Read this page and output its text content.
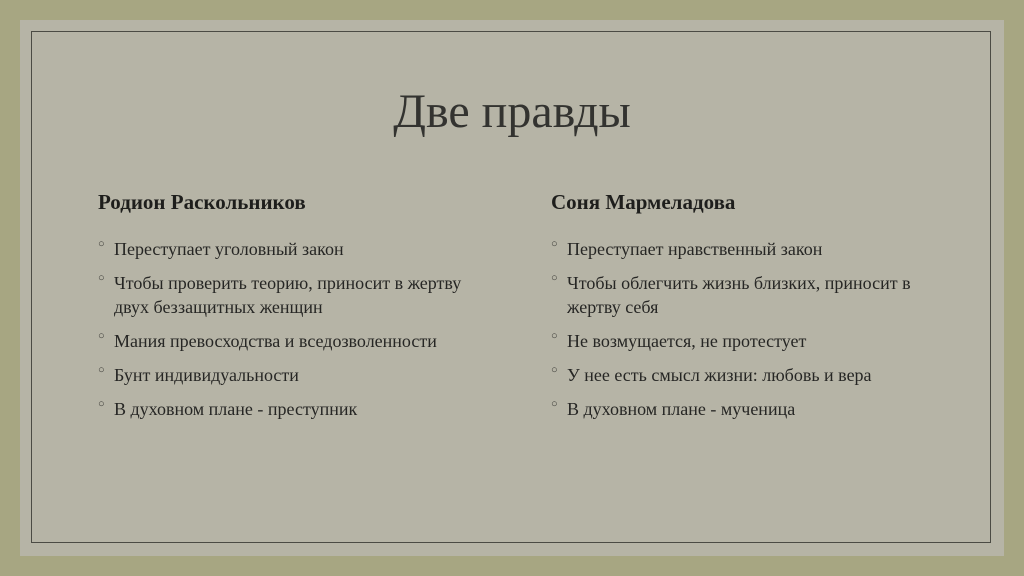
Две правды
Родион Раскольников
○ Переступает уголовный закон
○ Чтобы проверить теорию, приносит в жертву двух беззащитных женщин
○ Мания превосходства и вседозволенности
○ Бунт индивидуальности
○ В духовном плане - преступник
Соня Мармеладова
○ Переступает нравственный закон
○ Чтобы облегчить жизнь близких, приносит в жертву себя
○ Не возмущается, не протестует
○ У нее есть смысл жизни: любовь и вера
○ В духовном плане - мученица
